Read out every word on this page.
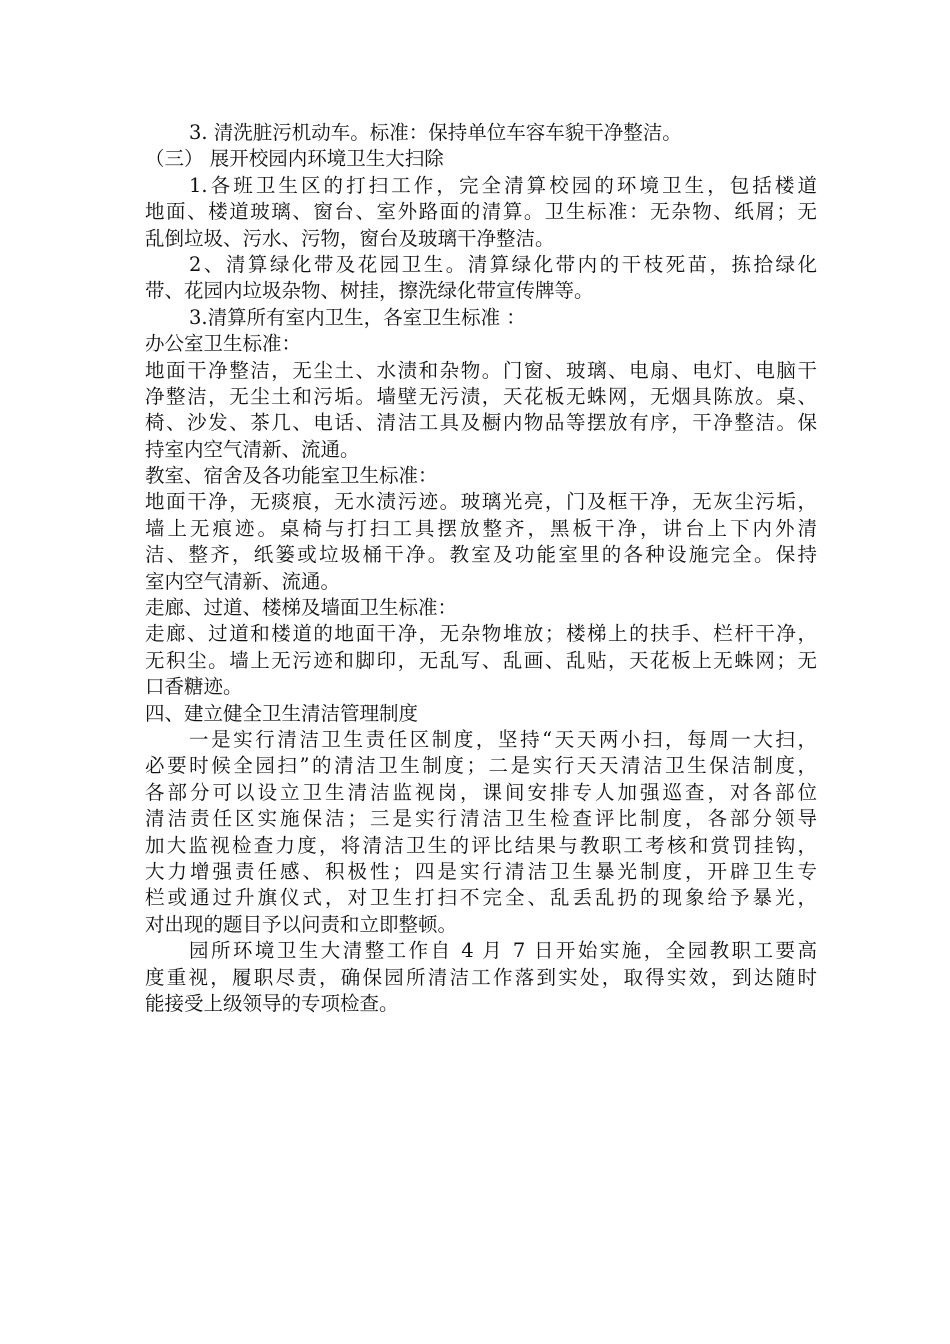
3. 清洗脏污机动车。标准：保持单位车容车貌干净整洁。
（三） 展开校园内环境卫生大扫除
1.各班卫生区的打扫工作，完全清算校园的环境卫生，包括楼道
地面、楼道玻璃、窗台、室外路面的清算。卫生标准：无杂物、纸屑；无
乱倒垃圾、污水、污物，窗台及玻璃干净整洁。
2、清算绿化带及花园卫生。清算绿化带内的干枝死苗，拣拾绿化
带、花园内垃圾杂物、树挂，擦洗绿化带宣传牌等。
3.清算所有室内卫生，各室卫生标准 ：
办公室卫生标准：
地面干净整洁，无尘土、水渍和杂物。门窗、玻璃、电扇、电灯、电脑干
净整洁，无尘土和污垢。墙壁无污渍，天花板无蛛网，无烟具陈放。桌、
椅、沙发、茶几、电话、清洁工具及橱内物品等摆放有序，干净整洁。保
持室内空气清新、流通。
教室、宿舍及各功能室卫生标准：
地面干净，无痰痕，无水渍污迹。玻璃光亮，门及框干净，无灰尘污垢，
墙上无痕迹。桌椅与打扫工具摆放整齐，黑板干净，讲台上下内外清
洁、整齐，纸篓或垃圾桶干净。教室及功能室里的各种设施完全。保持
室内空气清新、流通。
走廊、过道、楼梯及墙面卫生标准：
走廊、过道和楼道的地面干净，无杂物堆放；楼梯上的扶手、栏杆干净，
无积尘。墙上无污迹和脚印，无乱写、乱画、乱贴，天花板上无蛛网；无
口香糖迹。
四、建立健全卫生清洁管理制度
一是实行清洁卫生责任区制度，坚持“天天两小扫，每周一大扫，
必要时候全园扫”的清洁卫生制度；二是实行天天清洁卫生保洁制度，
各部分可以设立卫生清洁监视岗，课间安排专人加强巡查，对各部位
清洁责任区实施保洁；三是实行清洁卫生检查评比制度，各部分领导
加大监视检查力度，将清洁卫生的评比结果与教职工考核和赏罚挂钩，
大力增强责任感、积极性；四是实行清洁卫生暴光制度，开辟卫生专
栏或通过升旗仪式，对卫生打扫不完全、乱丢乱扔的现象给予暴光，
对出现的题目予以问责和立即整顿。
园所环境卫生大清整工作自 4 月 7 日开始实施，全园教职工要高
度重视，履职尽责，确保园所清洁工作落到实处，取得实效，到达随时
能接受上级领导的专项检查。
